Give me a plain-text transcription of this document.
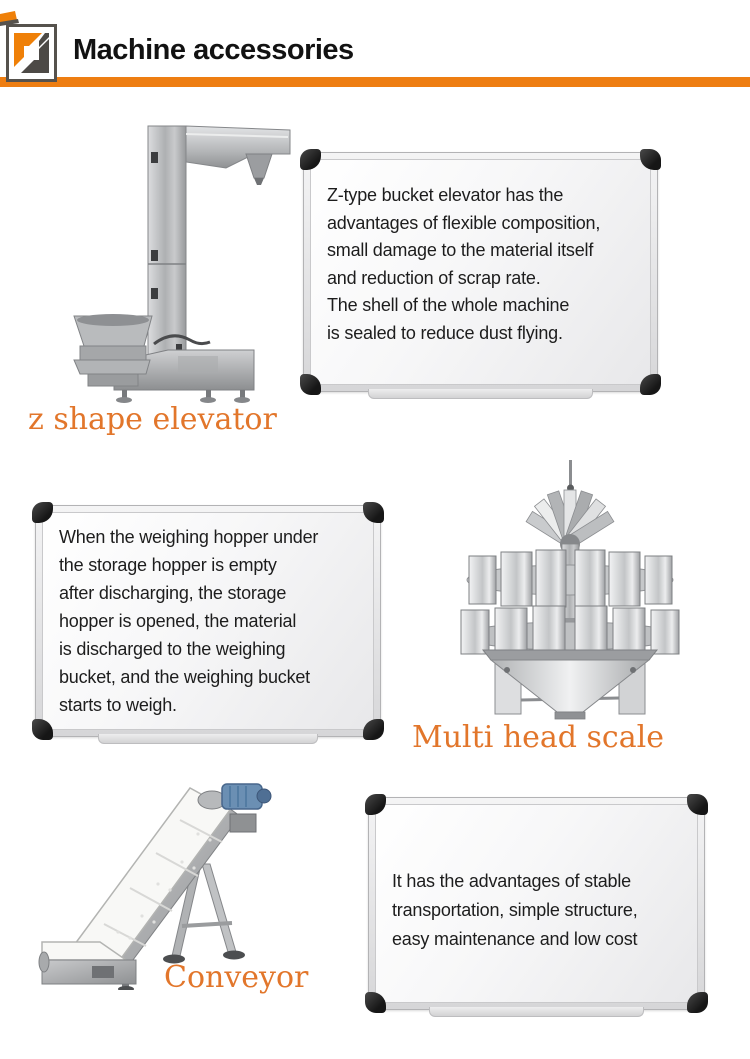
Machine accessories
Z-type bucket elevator has the
advantages of flexible composition,
small damage to the material itself
and reduction of scrap rate.
The shell of the whole machine
is sealed to reduce dust flying.
z shape elevator
When the weighing hopper under
the storage hopper is empty
after discharging, the storage
hopper is opened, the material
is discharged to the weighing
bucket, and the weighing bucket
starts to weigh.
Multi head scale
It has the advantages of stable
transportation, simple structure,
easy maintenance and low cost
Conveyor
